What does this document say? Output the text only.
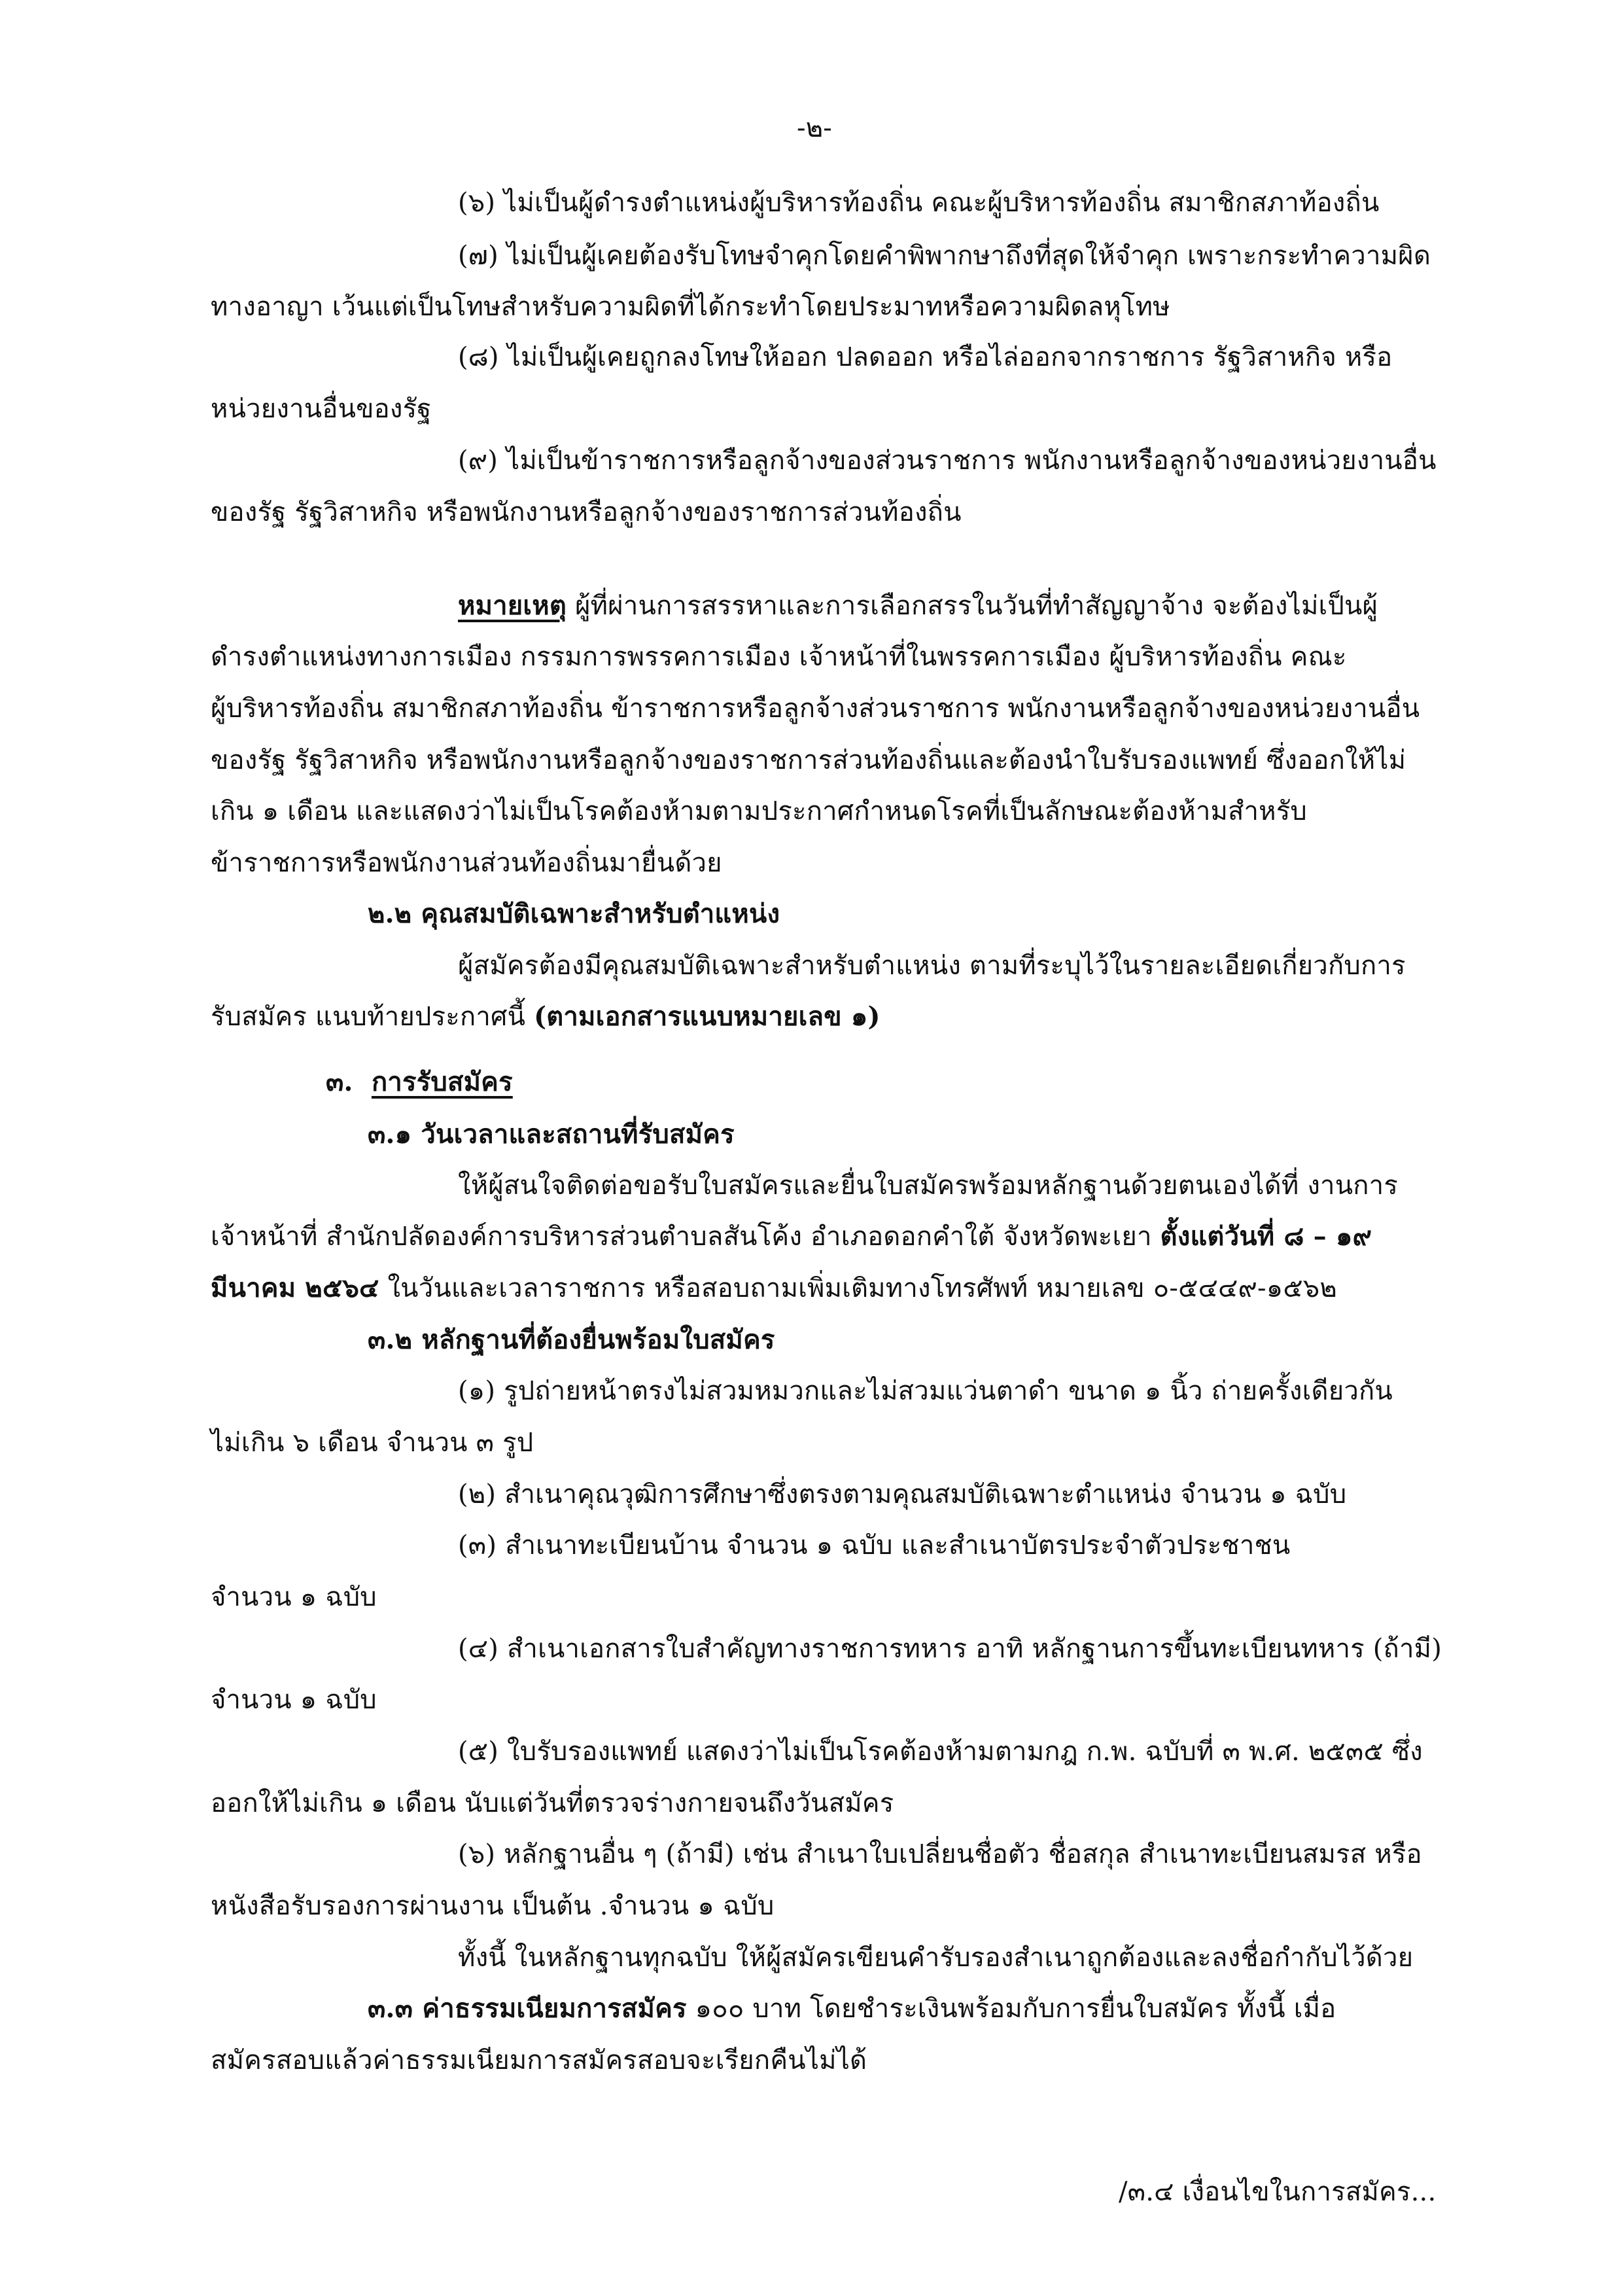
-๒-
(๖) ไม่เป็นผู้ดำรงตำแหน่งผู้บริหารท้องถิ่น คณะผู้บริหารท้องถิ่น สมาชิกสภาท้องถิ่น
(๗) ไม่เป็นผู้เคยต้องรับโทษจำคุกโดยคำพิพากษาถึงที่สุดให้จำคุก เพราะกระทำความผิด
ทางอาญา เว้นแต่เป็นโทษสำหรับความผิดที่ได้กระทำโดยประมาทหรือความผิดลหุโทษ
(๘) ไม่เป็นผู้เคยถูกลงโทษให้ออก ปลดออก หรือไล่ออกจากราชการ รัฐวิสาหกิจ หรือ
หน่วยงานอื่นของรัฐ
(๙) ไม่เป็นข้าราชการหรือลูกจ้างของส่วนราชการ พนักงานหรือลูกจ้างของหน่วยงานอื่น
ของรัฐ รัฐวิสาหกิจ หรือพนักงานหรือลูกจ้างของราชการส่วนท้องถิ่น
หมายเหตุ ผู้ที่ผ่านการสรรหาและการเลือกสรรในวันที่ทำสัญญาจ้าง จะต้องไม่เป็นผู้
ดำรงตำแหน่งทางการเมือง กรรมการพรรคการเมือง เจ้าหน้าที่ในพรรคการเมือง ผู้บริหารท้องถิ่น คณะ
ผู้บริหารท้องถิ่น สมาชิกสภาท้องถิ่น ข้าราชการหรือลูกจ้างส่วนราชการ พนักงานหรือลูกจ้างของหน่วยงานอื่น
ของรัฐ รัฐวิสาหกิจ หรือพนักงานหรือลูกจ้างของราชการส่วนท้องถิ่นและต้องนำใบรับรองแพทย์ ซึ่งออกให้ไม่
เกิน ๑ เดือน และแสดงว่าไม่เป็นโรคต้องห้ามตามประกาศกำหนดโรคที่เป็นลักษณะต้องห้ามสำหรับ
ข้าราชการหรือพนักงานส่วนท้องถิ่นมายื่นด้วย
๒.๒ คุณสมบัติเฉพาะสำหรับตำแหน่ง
ผู้สมัครต้องมีคุณสมบัติเฉพาะสำหรับตำแหน่ง ตามที่ระบุไว้ในรายละเอียดเกี่ยวกับการ
รับสมัคร แนบท้ายประกาศนี้ (ตามเอกสารแนบหมายเลข ๑)
๓. การรับสมัคร
๓.๑ วันเวลาและสถานที่รับสมัคร
ให้ผู้สนใจติดต่อขอรับใบสมัครและยื่นใบสมัครพร้อมหลักฐานด้วยตนเองได้ที่ งานการ
เจ้าหน้าที่ สำนักปลัดองค์การบริหารส่วนตำบลสันโค้ง อำเภอดอกคำใต้ จังหวัดพะเยา ตั้งแต่วันที่ ๘ – ๑๙
มีนาคม ๒๕๖๔ ในวันและเวลาราชการ หรือสอบถามเพิ่มเติมทางโทรศัพท์ หมายเลข ๐-๕๔๔๙-๑๕๖๒
๓.๒ หลักฐานที่ต้องยื่นพร้อมใบสมัคร
(๑) รูปถ่ายหน้าตรงไม่สวมหมวกและไม่สวมแว่นตาดำ ขนาด ๑ นิ้ว ถ่ายครั้งเดียวกัน
ไม่เกิน ๖ เดือน จำนวน ๓ รูป
(๒) สำเนาคุณวุฒิการศึกษาซึ่งตรงตามคุณสมบัติเฉพาะตำแหน่ง จำนวน ๑ ฉบับ
(๓) สำเนาทะเบียนบ้าน จำนวน ๑ ฉบับ และสำเนาบัตรประจำตัวประชาชน
จำนวน ๑ ฉบับ
(๔) สำเนาเอกสารใบสำคัญทางราชการทหาร อาทิ หลักฐานการขึ้นทะเบียนทหาร (ถ้ามี)
จำนวน ๑ ฉบับ
(๕) ใบรับรองแพทย์ แสดงว่าไม่เป็นโรคต้องห้ามตามกฎ ก.พ. ฉบับที่ ๓ พ.ศ. ๒๕๓๕ ซึ่ง
ออกให้ไม่เกิน ๑ เดือน นับแต่วันที่ตรวจร่างกายจนถึงวันสมัคร
(๖) หลักฐานอื่น ๆ (ถ้ามี) เช่น สำเนาใบเปลี่ยนชื่อตัว ชื่อสกุล สำเนาทะเบียนสมรส หรือ
หนังสือรับรองการผ่านงาน เป็นต้น .จำนวน ๑ ฉบับ
ทั้งนี้ ในหลักฐานทุกฉบับ ให้ผู้สมัครเขียนคำรับรองสำเนาถูกต้องและลงชื่อกำกับไว้ด้วย
๓.๓ ค่าธรรมเนียมการสมัคร ๑๐๐ บาท โดยชำระเงินพร้อมกับการยื่นใบสมัคร ทั้งนี้ เมื่อ
สมัครสอบแล้วค่าธรรมเนียมการสมัครสอบจะเรียกคืนไม่ได้
/๓.๔ เงื่อนไขในการสมัคร...
